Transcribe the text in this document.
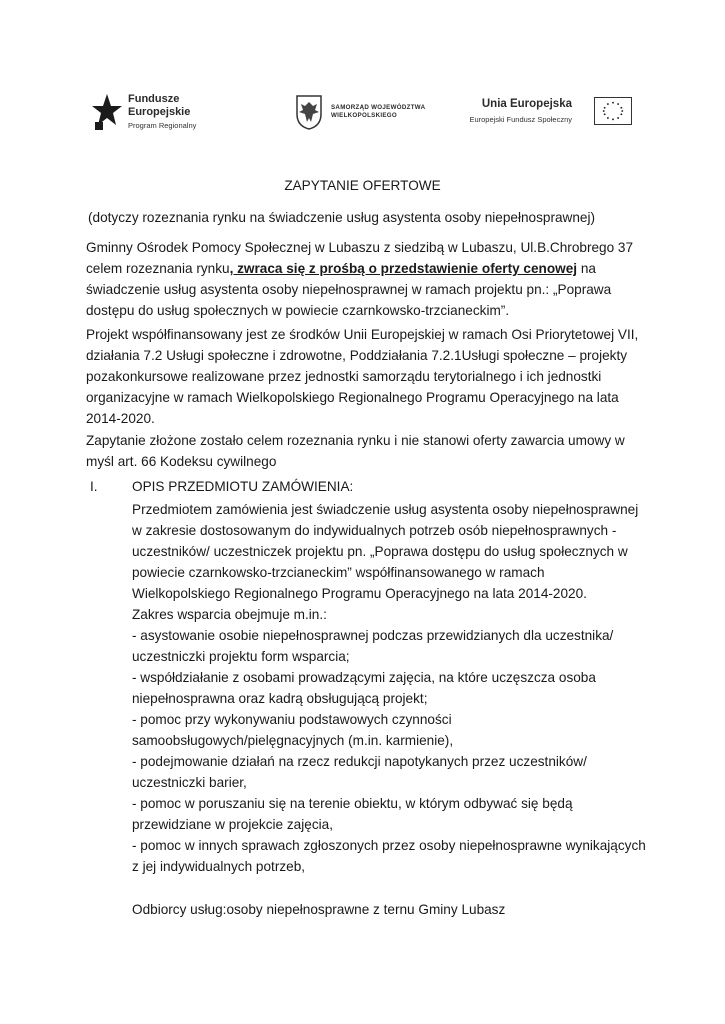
Fundusze
Europejskie
Program Regionalny
SAMORZĄD WOJEWÓDZTWA
WIELKOPOLSKIEGO
Unia Europejska
Europejski Fundusz Społeczny
ZAPYTANIE OFERTOWE

(dotyczy rozeznania rynku na świadczenie usług asystenta osoby niepełnosprawnej)

Gminny Ośrodek Pomocy Społecznej w Lubaszu z siedzibą w Lubaszu, Ul.B.Chrobrego 37 celem rozeznania rynku, zwraca się z prośbą o przedstawienie oferty cenowej na świadczenie usług asystenta osoby niepełnosprawnej w ramach projektu pn.: „Poprawa dostępu do usług społecznych w powiecie czarnkowsko-trzcianeckim”.

Projekt współfinansowany jest ze środków Unii Europejskiej w ramach Osi Priorytetowej VII, działania 7.2 Usługi społeczne i zdrowotne, Poddziałania 7.2.1Usługi społeczne – projekty pozakonkursowe realizowane przez jednostki samorządu terytorialnego i ich jednostki organizacyjne w ramach Wielkopolskiego Regionalnego Programu Operacyjnego na lata 2014-2020.

Zapytanie złożone zostało celem rozeznania rynku i nie stanowi oferty zawarcia umowy w myśl art. 66 Kodeksu cywilnego

I.	OPIS PRZEDMIOTU ZAMÓWIENIA:

Przedmiotem zamówienia jest świadczenie usług asystenta osoby niepełnosprawnej

w zakresie dostosowanym do indywidualnych potrzeb osób niepełnosprawnych -

uczestników/ uczestniczek projektu pn. „Poprawa dostępu do usług społecznych w

powiecie czarnkowsko-trzcianeckim” współfinansowanego w ramach

Wielkopolskiego Regionalnego Programu Operacyjnego na lata 2014-2020.

Zakres wsparcia obejmuje m.in.:

- asystowanie osobie niepełnosprawnej podczas przewidzianych dla uczestnika/

uczestniczki projektu form wsparcia;

- współdziałanie z osobami prowadzącymi zajęcia, na które uczęszcza osoba

niepełnosprawna oraz kadrą obsługującą projekt;

- pomoc przy wykonywaniu podstawowych czynności

samoobsługowych/pielęgnacyjnych (m.in. karmienie),

- podejmowanie działań na rzecz redukcji napotykanych przez uczestników/

uczestniczki barier,

- pomoc w poruszaniu się na terenie obiektu, w którym odbywać się będą

przewidziane w projekcie zajęcia,

- pomoc w innych sprawach zgłoszonych przez osoby niepełnosprawne wynikających

z jej indywidualnych potrzeb,

Odbiorcy usług:osoby niepełnosprawne z ternu Gminy Lubasz
